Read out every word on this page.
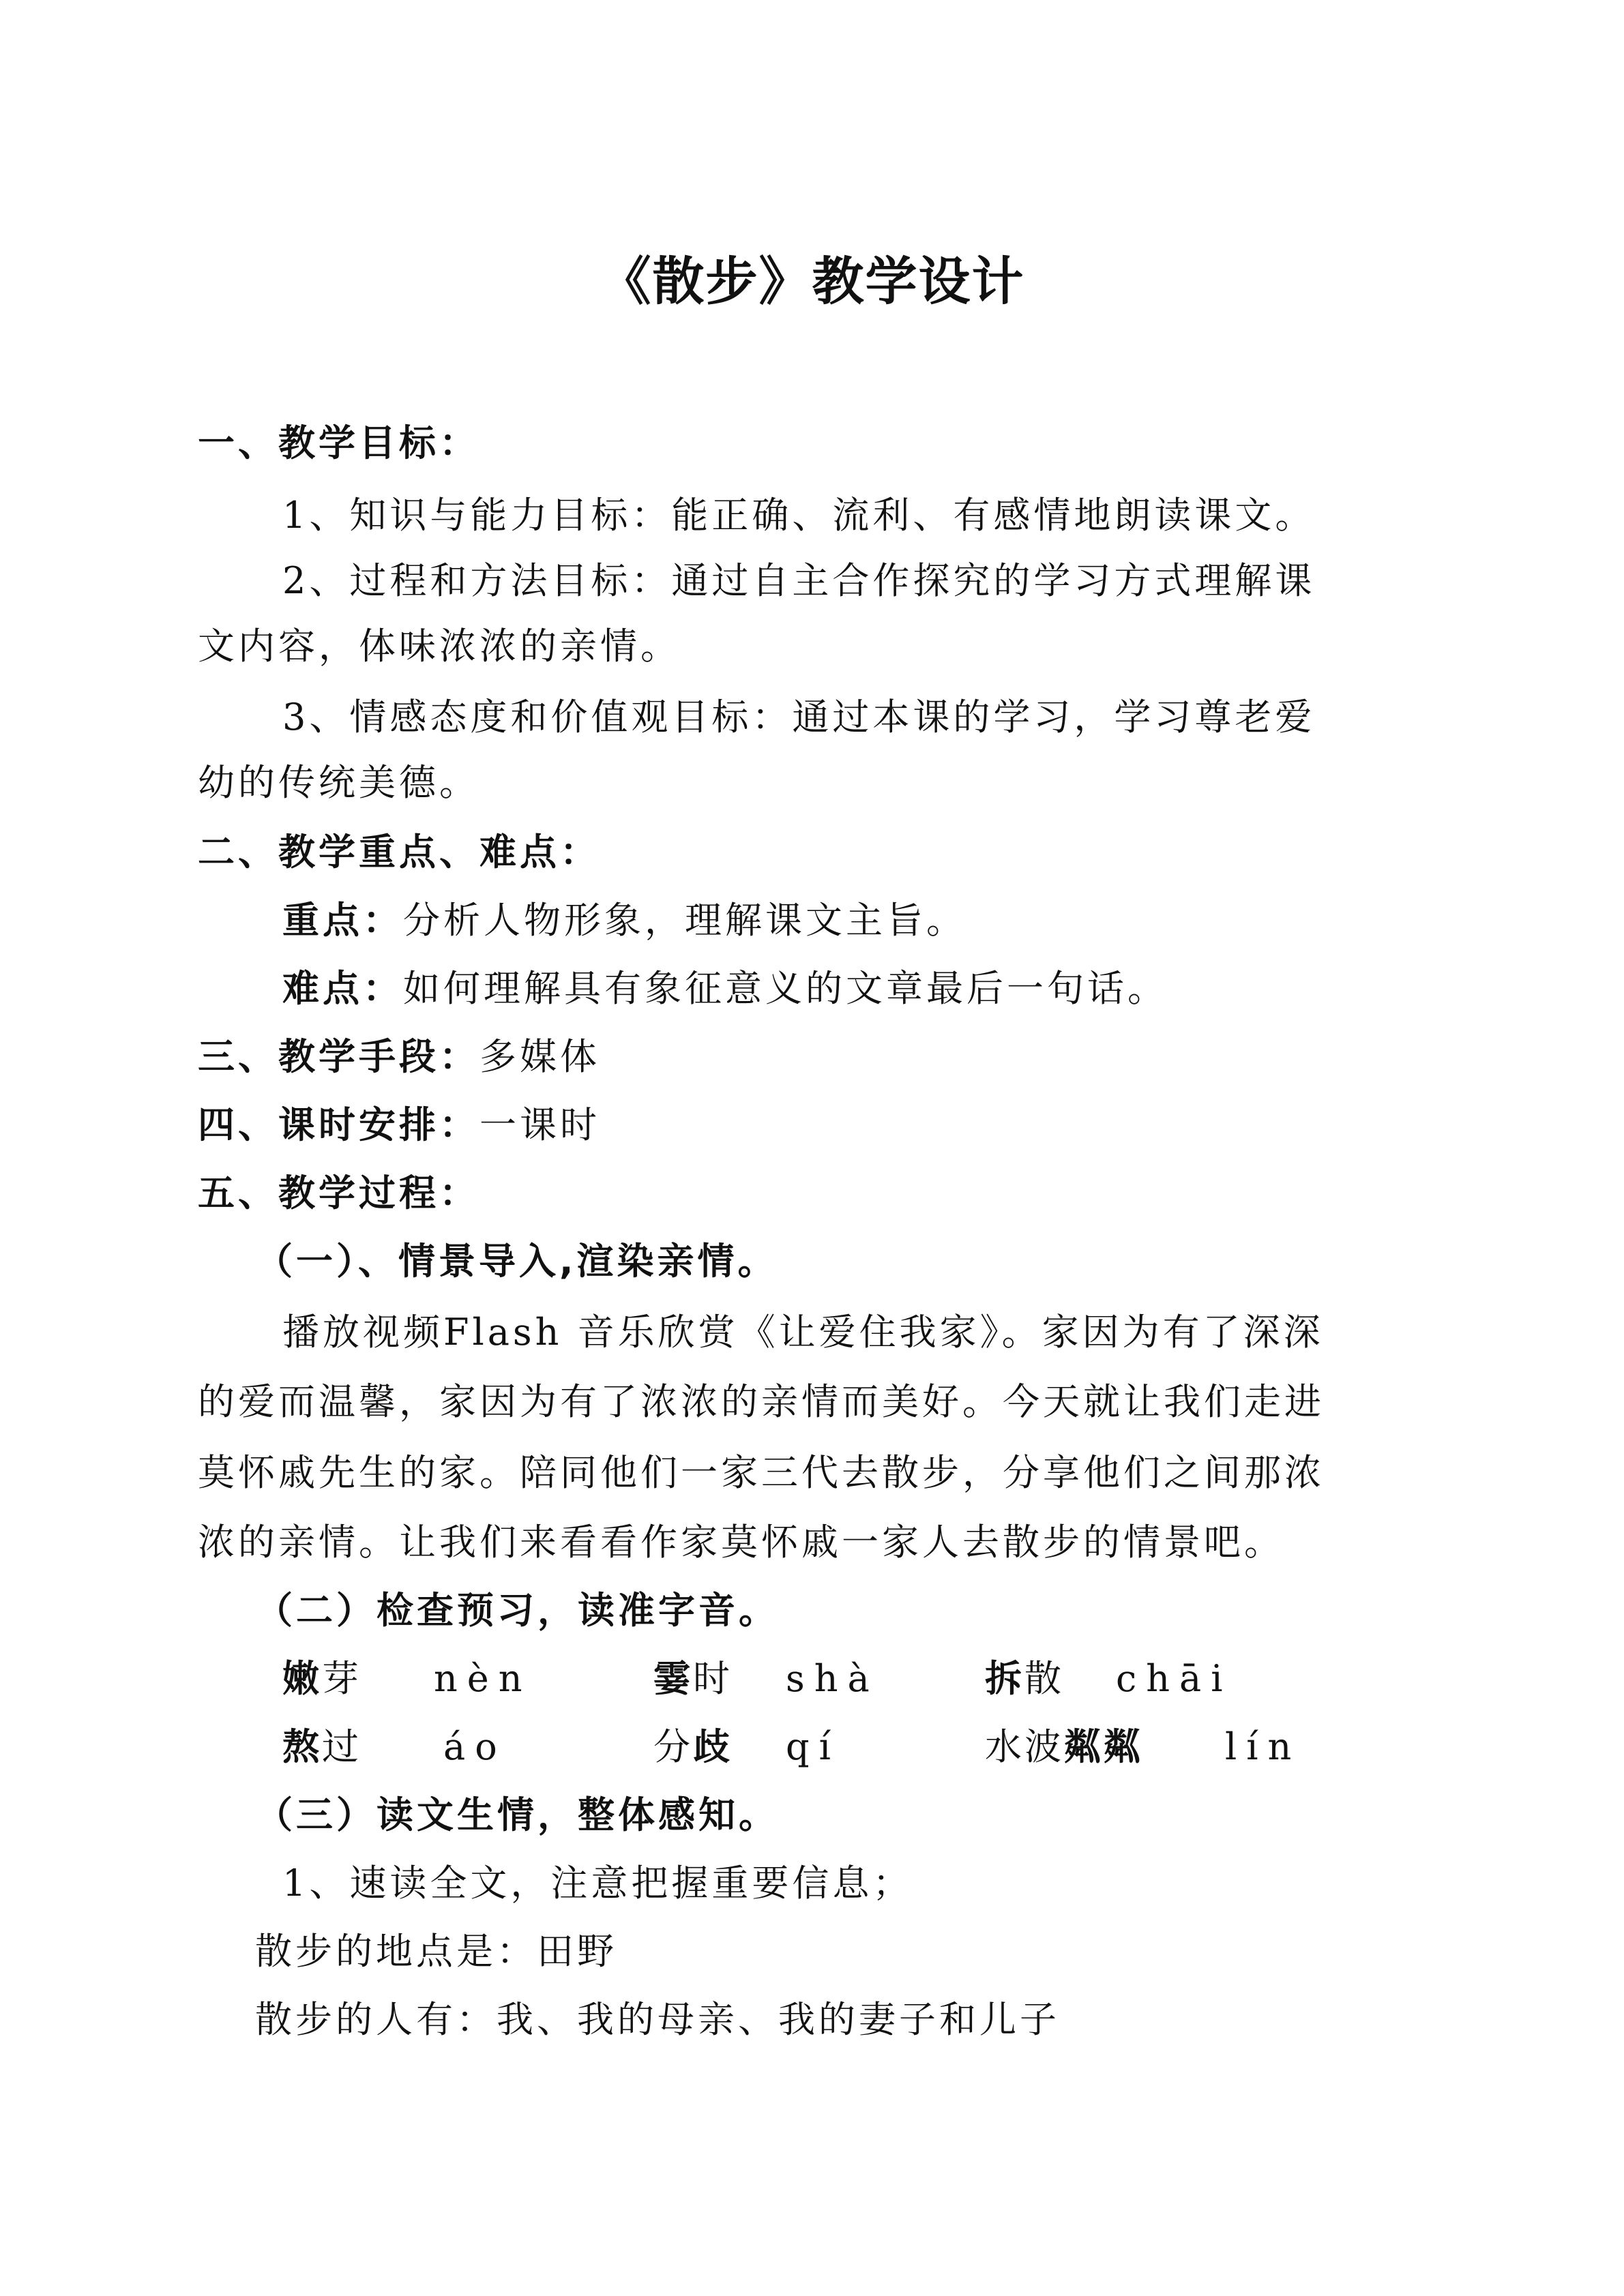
《散步》教学设计
一、教学目标：
1、知识与能力目标：能正确、流利、有感情地朗读课文。
2、过程和方法目标：通过自主合作探究的学习方式理解课
文内容，体味浓浓的亲情。
3、情感态度和价值观目标：通过本课的学习，学习尊老爱
幼的传统美德。
二、教学重点、难点：
重点：分析人物形象，理解课文主旨。
难点：如何理解具有象征意义的文章最后一句话。
三、教学手段：多媒体
四、课时安排：一课时
五、教学过程：
（一）、情景导入,渲染亲情。
播放视频Flash 音乐欣赏《让爱住我家》。家因为有了深深
的爱而温馨，家因为有了浓浓的亲情而美好。今天就让我们走进
莫怀戚先生的家。陪同他们一家三代去散步，分享他们之间那浓
浓的亲情。让我们来看看作家莫怀戚一家人去散步的情景吧。
（二）检查预习，读准字音。
嫩芽 nèn	霎时 shà	拆散 chāi
熬过 áo	分歧 qí	水波粼粼 lín
（三）读文生情，整体感知。
1、速读全文，注意把握重要信息；
散步的地点是：田野
散步的人有：我、我的母亲、我的妻子和儿子
